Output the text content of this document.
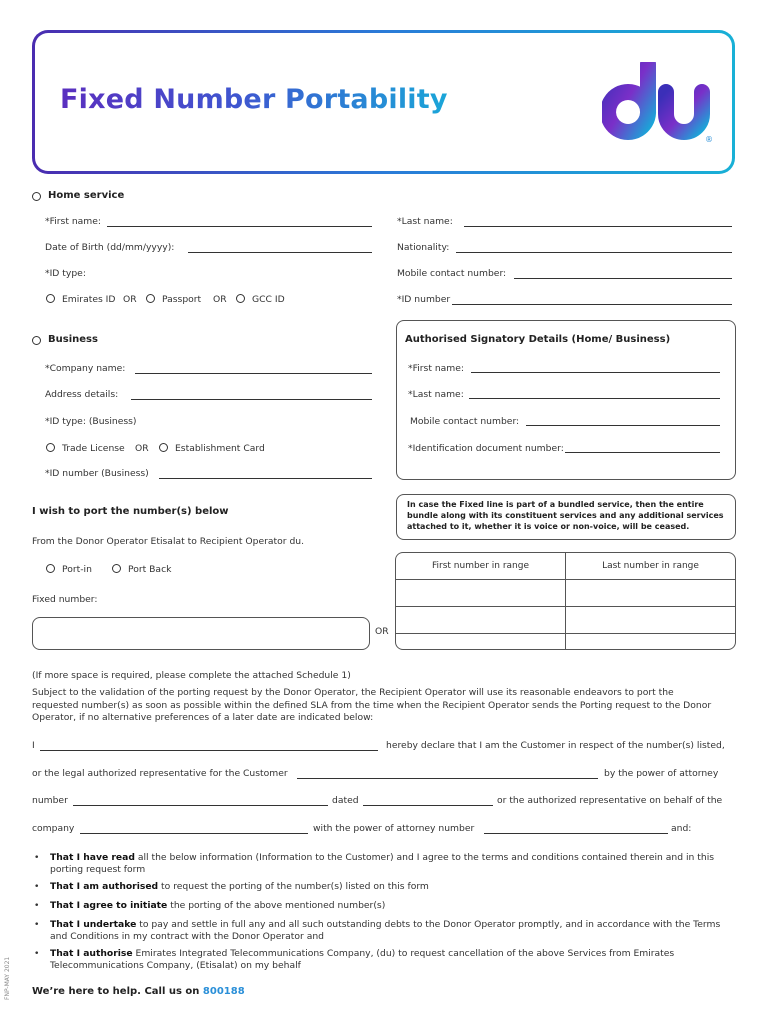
Fixed Number Portability
®
Home service
*First name:	*Last name:
Date of Birth (dd/mm/yyyy):	Nationality:
*ID type:	Mobile contact number:
Emirates ID OR	Passport OR	GCC ID	*ID number
Business
*Company name:
Address details:
*ID type: (Business)
Trade License OR	Establishment Card
*ID number (Business)
Authorised Signatory Details (Home/ Business)
*First name:
*Last name:
Mobile contact number:
*Identification document number:
I wish to port the number(s) below
In case the Fixed line is part of a bundled service, then the entire bundle along with its constituent services and any additional services attached to it, whether it is voice or non-voice, will be ceased.
From the Donor Operator Etisalat to Recipient Operator du.
Port-in	Port Back
Fixed number:
OR
First number in range	Last number in range

(If more space is required, please complete the attached Schedule 1)
Subject to the validation of the porting request by the Donor Operator, the Recipient Operator will use its reasonable endeavors to port the requested number(s) as soon as possible within the defined SLA from the time when the Recipient Operator sends the Porting request to the Donor Operator, if no alternative preferences of a later date are indicated below:
I	hereby declare that I am the Customer in respect of the number(s) listed,
or the legal authorized representative for the Customer	by the power of attorney
number	dated	or the authorized representative on behalf of the
company	with the power of attorney number	and:
• That I have read all the below information (Information to the Customer) and I agree to the terms and conditions contained therein and in this porting request form
• That I am authorised to request the porting of the number(s) listed on this form
• That I agree to initiate the porting of the above mentioned number(s)
• That I undertake to pay and settle in full any and all such outstanding debts to the Donor Operator promptly, and in accordance with the Terms and Conditions in my contract with the Donor Operator and
• That I authorise Emirates Integrated Telecommunications Company, (du) to request cancellation of the above Services from Emirates Telecommunications Company, (Etisalat) on my behalf
We’re here to help. Call us on 800188
FNP-MAY 2021
